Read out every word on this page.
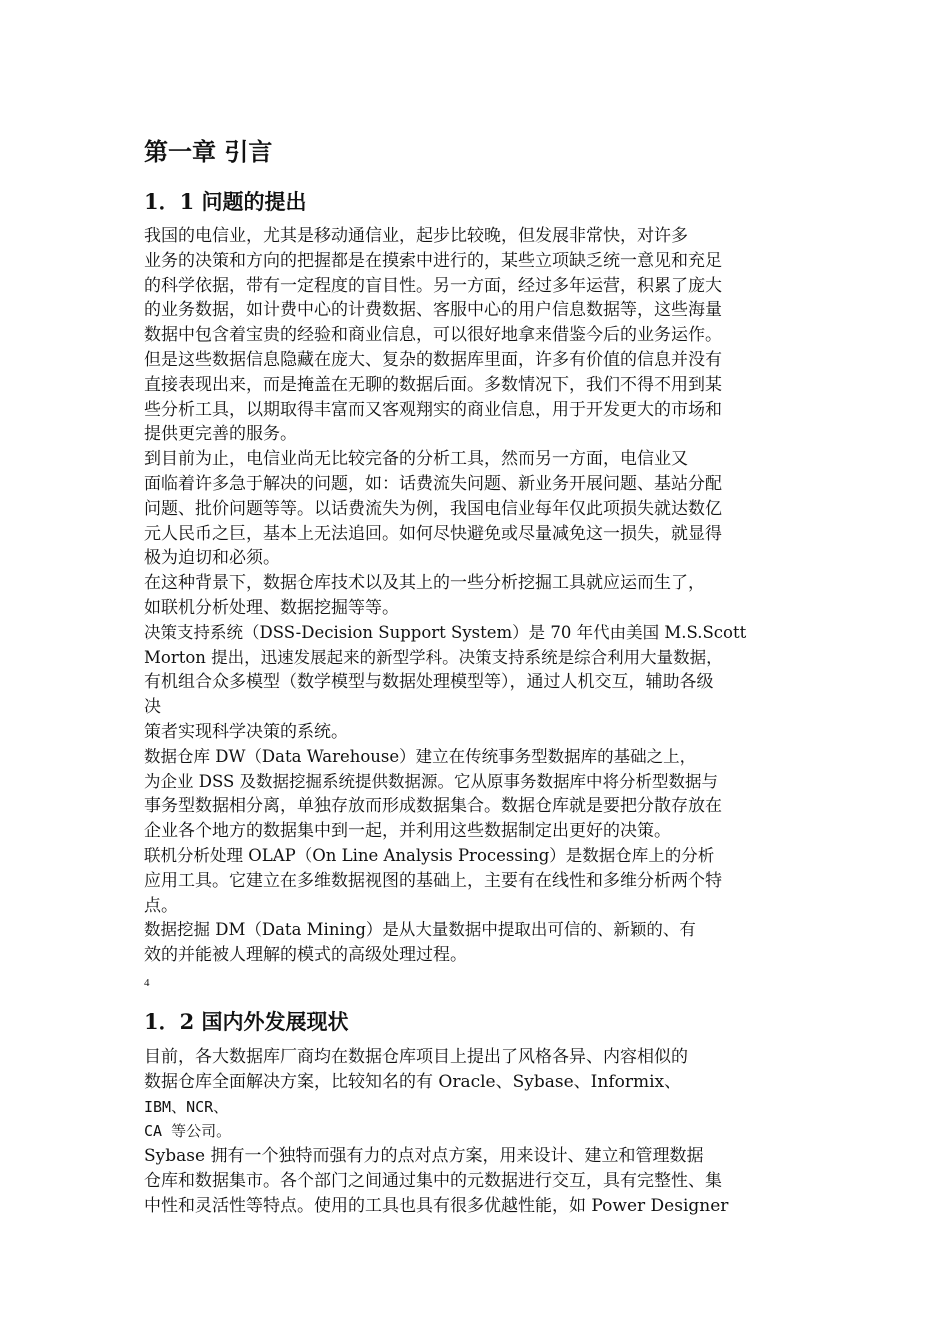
第一章 引言
1．1 问题的提出
我国的电信业，尤其是移动通信业，起步比较晚，但发展非常快，对许多
业务的决策和方向的把握都是在摸索中进行的，某些立项缺乏统一意见和充足
的科学依据，带有一定程度的盲目性。另一方面，经过多年运营，积累了庞大
的业务数据，如计费中心的计费数据、客服中心的用户信息数据等，这些海量
数据中包含着宝贵的经验和商业信息，可以很好地拿来借鉴今后的业务运作。
但是这些数据信息隐藏在庞大、复杂的数据库里面，许多有价值的信息并没有
直接表现出来，而是掩盖在无聊的数据后面。多数情况下，我们不得不用到某
些分析工具，以期取得丰富而又客观翔实的商业信息，用于开发更大的市场和
提供更完善的服务。
到目前为止，电信业尚无比较完备的分析工具，然而另一方面，电信业又
面临着许多急于解决的问题，如：话费流失问题、新业务开展问题、基站分配
问题、批价问题等等。以话费流失为例，我国电信业每年仅此项损失就达数亿
元人民币之巨，基本上无法追回。如何尽快避免或尽量减免这一损失，就显得
极为迫切和必须。
在这种背景下，数据仓库技术以及其上的一些分析挖掘工具就应运而生了，
如联机分析处理、数据挖掘等等。
决策支持系统（DSS-Decision Support System）是 70 年代由美国 M.S.Scott
Morton 提出，迅速发展起来的新型学科。决策支持系统是综合利用大量数据，
有机组合众多模型（数学模型与数据处理模型等），通过人机交互，辅助各级
决
策者实现科学决策的系统。
数据仓库 DW（Data Warehouse）建立在传统事务型数据库的基础之上，
为企业 DSS 及数据挖掘系统提供数据源。它从原事务数据库中将分析型数据与
事务型数据相分离，单独存放而形成数据集合。数据仓库就是要把分散存放在
企业各个地方的数据集中到一起，并利用这些数据制定出更好的决策。
联机分析处理 OLAP（On Line Analysis Processing）是数据仓库上的分析
应用工具。它建立在多维数据视图的基础上，主要有在线性和多维分析两个特
点。
数据挖掘 DM（Data Mining）是从大量数据中提取出可信的、新颖的、有
效的并能被人理解的模式的高级处理过程。
4
1．2 国内外发展现状
目前，各大数据库厂商均在数据仓库项目上提出了风格各异、内容相似的
数据仓库全面解决方案，比较知名的有 Oracle、Sybase、Informix、
IBM、NCR、
CA 等公司。
Sybase 拥有一个独特而强有力的点对点方案，用来设计、建立和管理数据
仓库和数据集市。各个部门之间通过集中的元数据进行交互，具有完整性、集
中性和灵活性等特点。使用的工具也具有很多优越性能，如 Power Designer
